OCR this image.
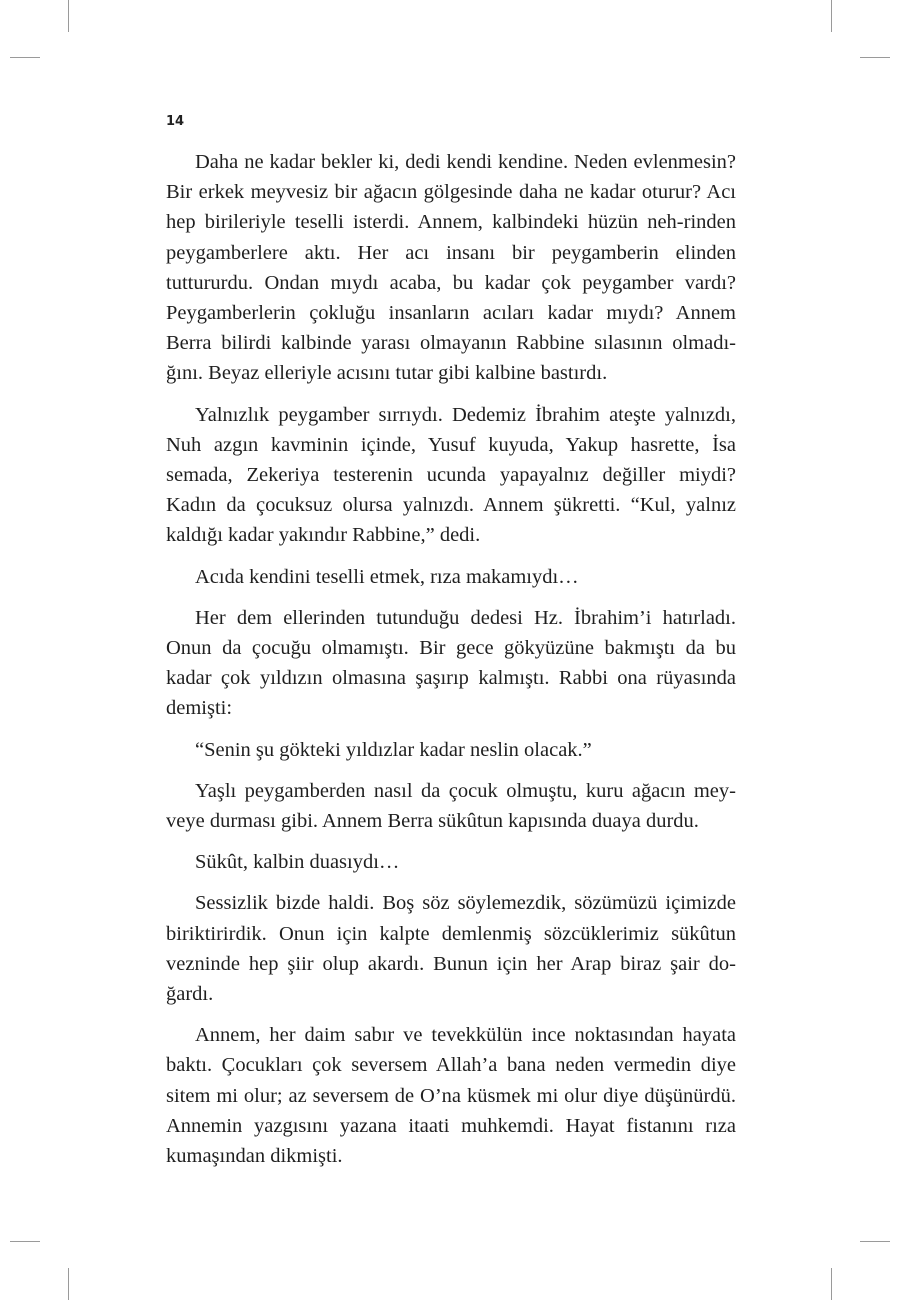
14

Daha ne kadar bekler ki, dedi kendi kendine. Neden evlenmesin? Bir erkek meyvesiz bir ağacın gölgesinde daha ne kadar oturur? Acı hep birileriyle teselli isterdi. Annem, kalbindeki hüzün neh-rinden peygamberlere aktı. Her acı insanı bir peygamberin elinden tuttururdu. Ondan mıydı acaba, bu kadar çok peygamber vardı? Peygamberlerin çokluğu insanların acıları kadar mıydı? Annem Berra bilirdi kalbinde yarası olmayanın Rabbine sılasının olmadı-ğını. Beyaz elleriyle acısını tutar gibi kalbine bastırdı.

Yalnızlık peygamber sırrıydı. Dedemiz İbrahim ateşte yalnızdı, Nuh azgın kavminin içinde, Yusuf kuyuda, Yakup hasrette, İsa semada, Zekeriya testerenin ucunda yapayalnız değiller miydi? Kadın da çocuksuz olursa yalnızdı. Annem şükretti. “Kul, yalnız kaldığı kadar yakındır Rabbine,” dedi.

Acıda kendini teselli etmek, rıza makamıydı…

Her dem ellerinden tutunduğu dedesi Hz. İbrahim’i hatırladı. Onun da çocuğu olmamıştı. Bir gece gökyüzüne bakmıştı da bu kadar çok yıldızın olmasına şaşırıp kalmıştı. Rabbi ona rüyasında demişti:

“Senin şu gökteki yıldızlar kadar neslin olacak.”

Yaşlı peygamberden nasıl da çocuk olmuştu, kuru ağacın mey-veye durması gibi. Annem Berra sükûtun kapısında duaya durdu.

Sükût, kalbin duasıydı…

Sessizlik bizde haldi. Boş söz söylemezdik, sözümüzü içimizde biriktirirdik. Onun için kalpte demlenmiş sözcüklerimiz sükûtun vezninde hep şiir olup akardı. Bunun için her Arap biraz şair do-ğardı.

Annem, her daim sabır ve tevekkülün ince noktasından hayata baktı. Çocukları çok seversem Allah’a bana neden vermedin diye sitem mi olur; az seversem de O’na küsmek mi olur diye düşünürdü. Annemin yazgısını yazana itaati muhkemdi. Hayat fistanını rıza kumaşından dikmişti.
